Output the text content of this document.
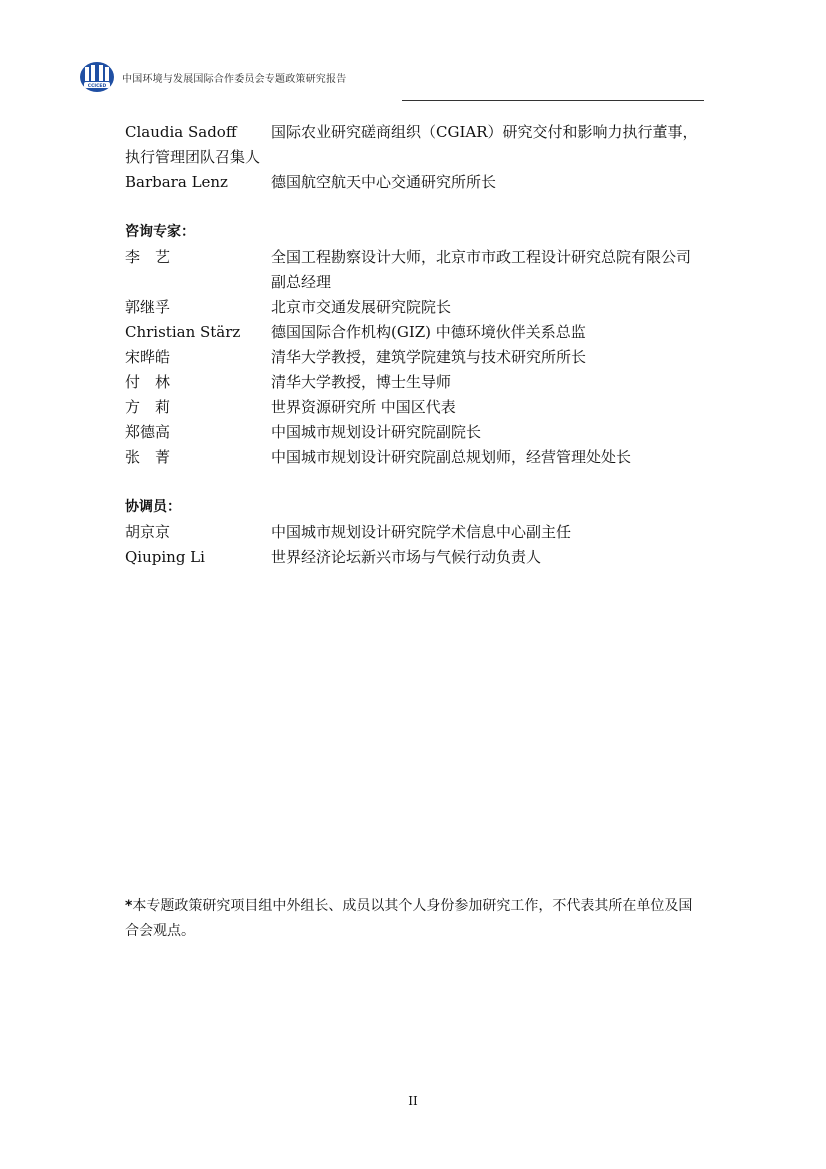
CCICED
中国环境与发展国际合作委员会专题政策研究报告
Claudia Sadoff	国际农业研究磋商组织（CGIAR）研究交付和影响力执行董事，执行管理团队召集人
Barbara Lenz	德国航空航天中心交通研究所所长
咨询专家：
李　艺	全国工程勘察设计大师，北京市市政工程设计研究总院有限公司副总经理
郭继孚	北京市交通发展研究院院长
Christian Stärz 德国国际合作机构(GIZ) 中德环境伙伴关系总监
宋晔皓	清华大学教授，建筑学院建筑与技术研究所所长
付　林	清华大学教授，博士生导师
方　莉	世界资源研究所 中国区代表
郑德高	中国城市规划设计研究院副院长
张　菁	中国城市规划设计研究院副总规划师，经营管理处处长
协调员：
胡京京	中国城市规划设计研究院学术信息中心副主任
Qiuping Li	世界经济论坛新兴市场与气候行动负责人
*本专题政策研究项目组中外组长、成员以其个人身份参加研究工作，不代表其所在单位及国合会观点。
II
